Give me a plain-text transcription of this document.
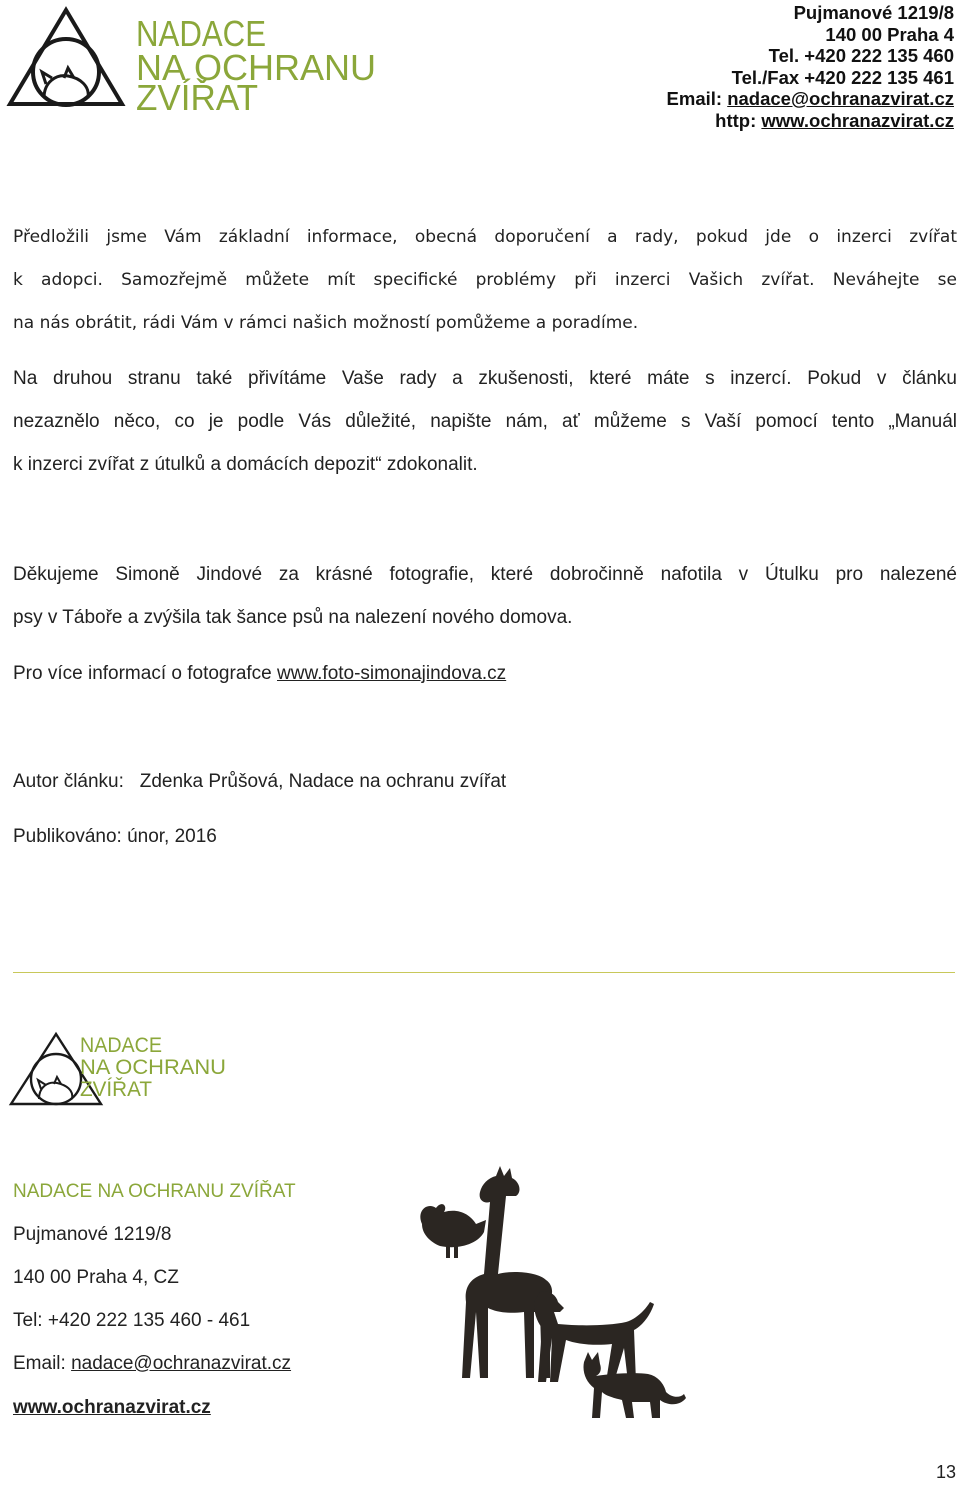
NADACE
NA OCHRANU
ZVÍŘAT
Pujmanové 1219/8
140 00 Praha 4
Tel. +420 222 135 460
Tel./Fax +420 222 135 461
Email: nadace@ochranazvirat.cz
http: www.ochranazvirat.cz
Předložili jsme Vám základní informace, obecná doporučení a rady, pokud jde o inzerci zvířat
k adopci. Samozřejmě můžete mít specifické problémy při inzerci Vašich zvířat. Neváhejte se
na nás obrátit, rádi Vám v rámci našich možností pomůžeme a poradíme.
Na druhou stranu také přivítáme Vaše rady a zkušenosti, které máte s inzercí. Pokud v článku
nezaznělo něco, co je podle Vás důležité, napište nám, ať můžeme s Vaší pomocí tento „Manuál
k inzerci zvířat z útulků a domácích depozit“ zdokonalit.
Děkujeme Simoně Jindové za krásné fotografie, které dobročinně nafotila v Útulku pro nalezené
psy v Táboře a zvýšila tak šance psů na nalezení nového domova.
Pro více informací o fotografce www.foto-simonajindova.cz
Autor článku:   Zdenka Průšová, Nadace na ochranu zvířat
Publikováno: únor, 2016
NADACE
NA OCHRANU
ZVÍŘAT
NADACE NA OCHRANU ZVÍŘAT
Pujmanové 1219/8
140 00 Praha 4, CZ
Tel: +420 222 135 460 - 461
Email: nadace@ochranazvirat.cz
www.ochranazvirat.cz
13
